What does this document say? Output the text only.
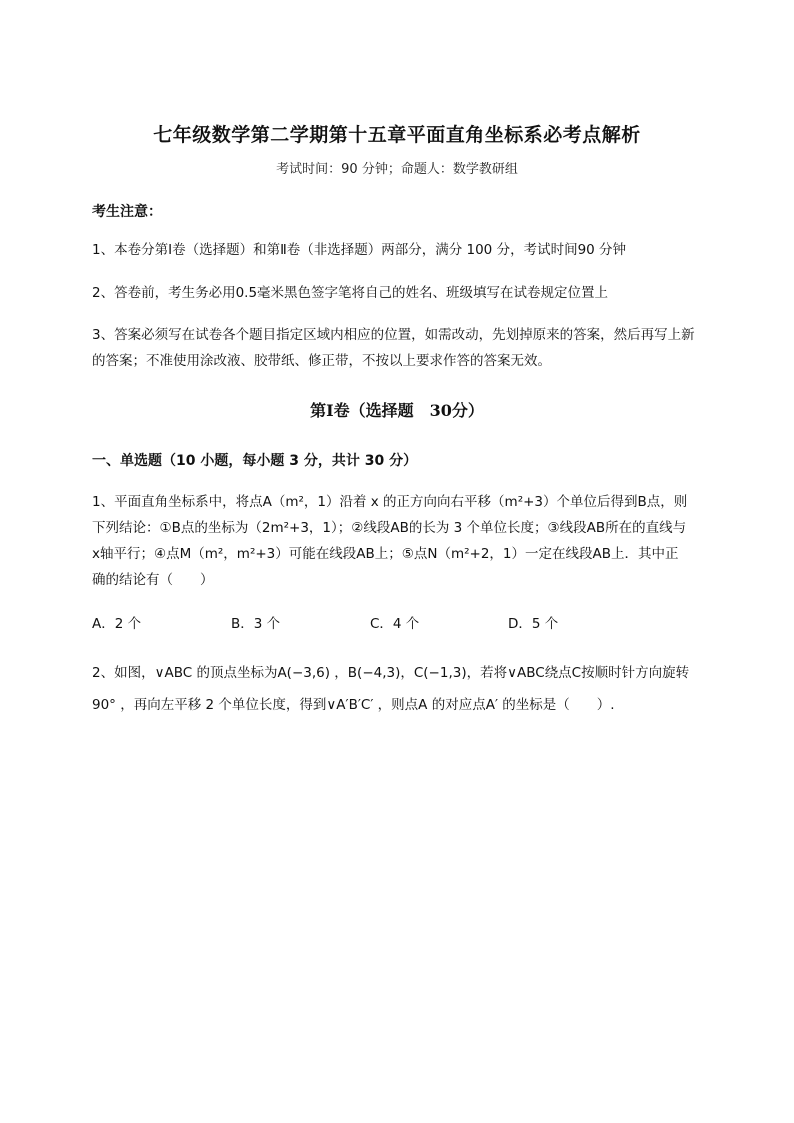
七年级数学第二学期第十五章平面直角坐标系必考点解析
考试时间：90 分钟；命题人：数学教研组
考生注意：
1、本卷分第Ⅰ卷（选择题）和第Ⅱ卷（非选择题）两部分，满分 100 分，考试时间90 分钟
2、答卷前，考生务必用0.5毫米黑色签字笔将自己的姓名、班级填写在试卷规定位置上
3、答案必须写在试卷各个题目指定区域内相应的位置，如需改动，先划掉原来的答案，然后再写上新
的答案；不准使用涂改液、胶带纸、修正带，不按以上要求作答的答案无效。
第Ⅰ卷（选择题　30分）
一、单选题（10 小题，每小题 3 分，共计 30 分）
1、平面直角坐标系中，将点A（m²，1）沿着 x 的正方向向右平移（m²+3）个单位后得到B点，则
下列结论：①B点的坐标为（2m²+3，1）；②线段AB的长为 3 个单位长度；③线段AB所在的直线与
x轴平行；④点M（m²，m²+3）可能在线段AB上；⑤点N（m²+2，1）一定在线段AB上．其中正
确的结论有（　　）
A．2 个	B．3 个	C．4 个	D．5 个
2、如图，∨ABC 的顶点坐标为A(−3,6) ，B(−4,3)，C(−1,3)，若将∨ABC绕点C按顺时针方向旋转
90° ，再向左平移 2 个单位长度，得到∨A′B′C′ ，则点A 的对应点A′ 的坐标是（　　）.
